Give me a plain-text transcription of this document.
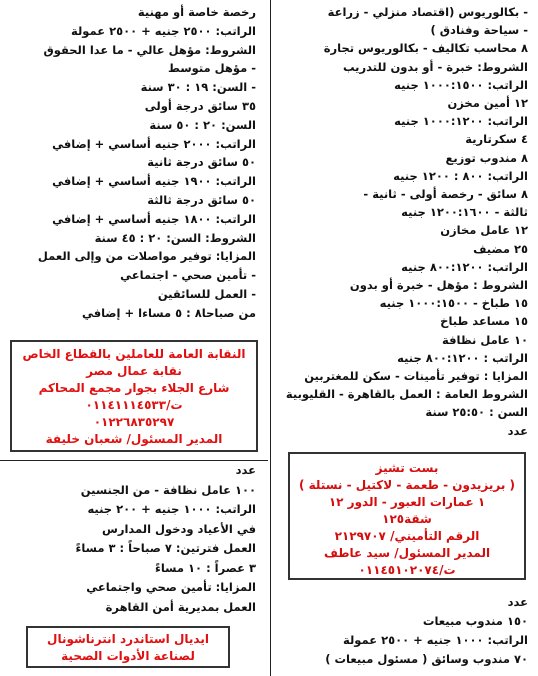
- بكالوريوس (اقتصاد منزلي - زراعة
- سياحة وفنادق )
٨ محاسب تكاليف - بكالوريوس تجارة
الشروط: خبرة - أو بدون للتدريب
الراتب: ١٠٠٠:١٥٠٠ جنيه
١٢ أمين مخزن
الراتب: ١٠٠٠:١٢٠٠ جنيه
٤ سكرتارية
٨ مندوب توزيع
الراتب: ٨٠٠ : ١٢٠٠ جنيه
٨ سائق - رخصة أولى - ثانية -
ثالثة - ١٢٠٠:١٦٠٠ جنيه
١٢ عامل مخازن
٢٥ مضيف
الراتب: ٨٠٠:١٢٠٠ جنيه
الشروط : مؤهل - خبرة أو بدون
١٥ طباخ - ١٠٠٠:١٥٠٠ جنيه
١٥ مساعد طباخ
١٠ عامل نظافة
الراتب : ٨٠٠:١٢٠٠ جنيه
المزايا : توفير تأمينات - سكن للمغتربين
الشروط العامة : العمل بالقاهرة - القليوبية
السن : ٢٥:٥٠ سنة
عدد
بست تشيز
( بريزيدون - طعمة - لاكتيل - نستلة )
١ عمارات العبور - الدور ١٢
شقة١٢٥
الرقم التأميني/ ٢١٢٩٧٠٧
المدير المسئول/ سيد عاطف
ت/٠١١٤٥١٠٢٠٧٤
عدد
١٥٠ مندوب مبيعات
الراتب: ١٠٠٠ جنيه + ٢٥٠٠ عمولة
٧٠ مندوب وسائق ( مسئول مبيعات )
رخصة خاصة أو مهنية
الراتب: ٢٥٠٠ جنيه + ٢٥٠٠ عمولة
الشروط: مؤهل عالي - ما عدا الحقوق
- مؤهل متوسط
- السن: ١٩ : ٣٠ سنة
٣٥ سائق درجة أولى
السن: ٢٠ : ٥٠ سنة
الراتب: ٢٠٠٠ جنيه أساسي + إضافي
٥٠ سائق درجة ثانية
الراتب: ١٩٠٠ جنيه أساسي + إضافي
٥٠ سائق درجة ثالثة
الراتب: ١٨٠٠ جنيه أساسي + إضافي
الشروط: السن: ٢٠ : ٤٥ سنة
المزايا: توفير مواصلات من وإلى العمل
- تأمين صحي - اجتماعي
- العمل للسائقين
من صباحا٨ : ٥ مساءا + إضافي
النقابة العامة للعاملين بالقطاع الخاص
نقابة عمال مصر
شارع الجلاء بجوار مجمع المحاكم
ت/٠١١٤١١١٤٥٣٣
٠١٢٢٦٨٣٥٢٩٧
المدير المسئول/ شعبان خليفة
عدد
١٠٠ عامل نظافة - من الجنسين
الراتب: ١٠٠٠ جنيه + ٢٠٠ جنيه
في الأعياد ودخول المدارس
العمل فترتين: ٧ صباحاً : ٣ مساءً
٣ عصراً : ١٠ مساءً
المزايا: تأمين صحي واجتماعي
العمل بمديرية أمن القاهرة
ايديال استاندرد انترناشونال
لصناعة الأدوات الصحية
